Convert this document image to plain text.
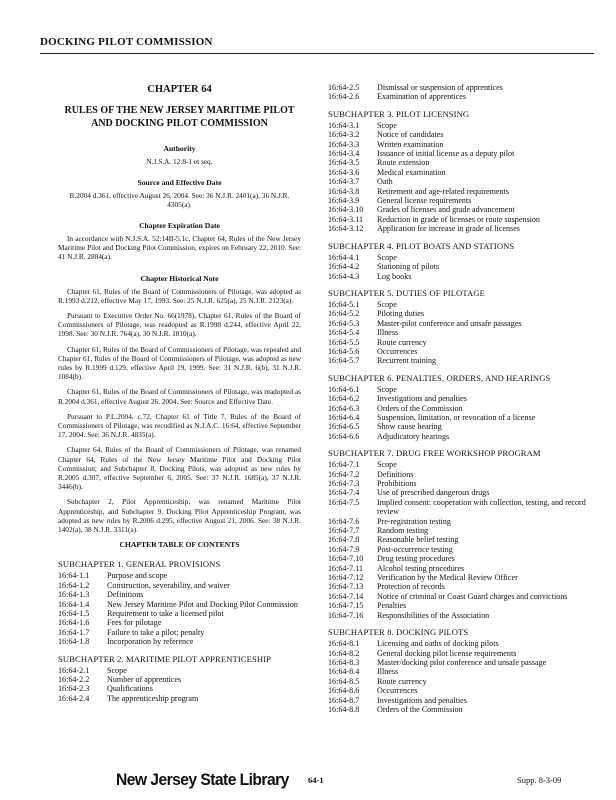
DOCKING PILOT COMMISSION
CHAPTER 64
RULES OF THE NEW JERSEY MARITIME PILOT AND DOCKING PILOT COMMISSION
Authority
N.J.S.A. 12:8-1 et seq.
Source and Effective Date
R.2004 d.361, effective August 26, 2004. See: 36 N.J.R. 2401(a), 36 N.J.R. 4305(a).
Chapter Expiration Date
In accordance with N.J.S.A. 52:14B-5.1c, Chapter 64, Rules of the New Jersey Maritime Pilot and Docking Pilot Commission, expires on February 22, 2010. See: 41 N.J.R. 2884(a).
Chapter Historical Note
Chapter 61, Rules of the Board of Commissioners of Pilotage, was adopted as R.1993 d.212, effective May 17, 1993. See: 25 N.J.R. 625(a), 25 N.J.R. 2123(a).
Pursuant to Executive Order No. 66(1978), Chapter 61, Rules of the Board of Commissioners of Pilotage, was readopted as R.1998 d.244, effective April 22, 1998. See: 30 N.J.R. 764(a), 30 N.J.R. 1810(a).
Chapter 61, Rules of the Board of Commissioners of Pilotage, was repealed and Chapter 61, Rules of the Board of Commissioners of Pilotage, was adopted as new rules by R.1999 d.129, effective April 19, 1999. See: 31 N.J.R. 6(b), 31 N.J.R. 1084(b).
Chapter 61, Rules of the Board of Commissioners of Pilotage, was readopted as R.2004 d.361, effective August 26, 2004. See: Source and Effective Date.
Pursuant to P.L.2004, c.72, Chapter 61 of Title 7, Rules of the Board of Commissioners of Pilotage, was recodified as N.J.A.C. 16:64, effective September 17, 2004. See: 36 N.J.R. 4835(a).
Chapter 64, Rules of the Board of Commissioners of Pilotage, was renamed Chapter 64, Rules of the New Jersey Maritime Pilot and Docking Pilot Commission; and Subchapter 8, Docking Pilots, was adopted as new rules by R.2005 d.307, effective September 6, 2005. See: 37 N.J.R. 1685(a), 37 N.J.R. 3446(b).
Subchapter 2, Pilot Apprenticeship, was renamed Maritime Pilot Apprenticeship, and Subchapter 9, Docking Pilot Apprenticeship Program, was adopted as new rules by R.2006 d.295, effective August 21, 2006. See: 38 N.J.R. 1402(a), 38 N.J.R. 3311(a).
CHAPTER TABLE OF CONTENTS
SUBCHAPTER 1. GENERAL PROVISIONS
16:64-1.1	Purpose and scope
16:64-1.2	Construction, severability, and waiver
16:64-1.3	Definitions
16:64-1.4	New Jersey Maritime Pilot and Docking Pilot Commission
16:64-1.5	Requirement to take a licensed pilot
16:64-1.6	Fees for pilotage
16:64-1.7	Failure to take a pilot; penalty
16:64-1.8	Incorporation by reference
SUBCHAPTER 2. MARITIME PILOT APPRENTICESHIP
16:64-2.1	Scope
16:64-2.2	Number of apprentices
16:64-2.3	Qualifications
16:64-2.4	The apprenticeship program
16:64-2.5	Dismissal or suspension of apprentices
16:64-2.6	Examination of apprentices
SUBCHAPTER 3. PILOT LICENSING
16:64-3.1	Scope
16:64-3.2	Notice of candidates
16:64-3.3	Written examination
16:64-3.4	Issuance of initial license as a deputy pilot
16:64-3.5	Route extension
16:64-3.6	Medical examination
16:64-3.7	Oath
16:64-3.8	Retirement and age-related requirements
16:64-3.9	General license requirements
16:64-3.10	Grades of licenses and grade advancement
16:64-3.11	Reduction in grade of licenses or route suspension
16:64-3.12	Application for increase in grade of licenses
SUBCHAPTER 4. PILOT BOATS AND STATIONS
16:64-4.1	Scope
16:64-4.2	Stationing of pilots
16:64-4.3	Log books
SUBCHAPTER 5. DUTIES OF PILOTAGE
16:64-5.1	Scope
16:64-5.2	Piloting duties
16:64-5.3	Master-pilot conference and unsafe passages
16:64-5.4	Illness
16:64-5.5	Route currency
16:64-5.6	Occurrences
16:64-5.7	Recurrent training
SUBCHAPTER 6. PENALTIES, ORDERS, AND HEARINGS
16:64-6.1	Scope
16:64-6.2	Investigations and penalties
16:64-6.3	Orders of the Commission
16:64-6.4	Suspension, limitation, or revocation of a license
16:64-6.5	Show cause hearing
16:64-6.6	Adjudicatory hearings
SUBCHAPTER 7. DRUG FREE WORKSHOP PROGRAM
16:64-7.1	Scope
16:64-7.2	Definitions
16:64-7.3	Prohibitions
16:64-7.4	Use of prescribed dangerous drugs
16:64-7.5	Implied consent: cooperation with collection, testing, and record review
16:64-7.6	Pre-registration testing
16:64-7.7	Random testing
16:64-7.8	Reasonable belief testing
16:64-7.9	Post-occurrence testing
16:64-7.10	Drug testing procedures
16:64-7.11	Alcohol testing procedures
16:64-7.12	Verification by the Medical Review Officer
16:64-7.13	Protection of records
16:64-7.14	Notice of criminal or Coast Guard charges and convictions
16:64-7.15	Penalties
16:64-7.16	Responsibilities of the Association
SUBCHAPTER 8. DOCKING PILOTS
16:64-8.1	Licensing and oaths of docking pilots
16:64-8.2	General docking pilot license requirements
16:64-8.3	Master/docking pilot conference and unsafe passage
16:64-8.4	Illness
16:64-8.5	Route currency
16:64-8.6	Occurrences
16:64-8.7	Investigations and penalties
16:64-8.8	Orders of the Commission
New Jersey State Library 64-1	Supp. 8-3-09
